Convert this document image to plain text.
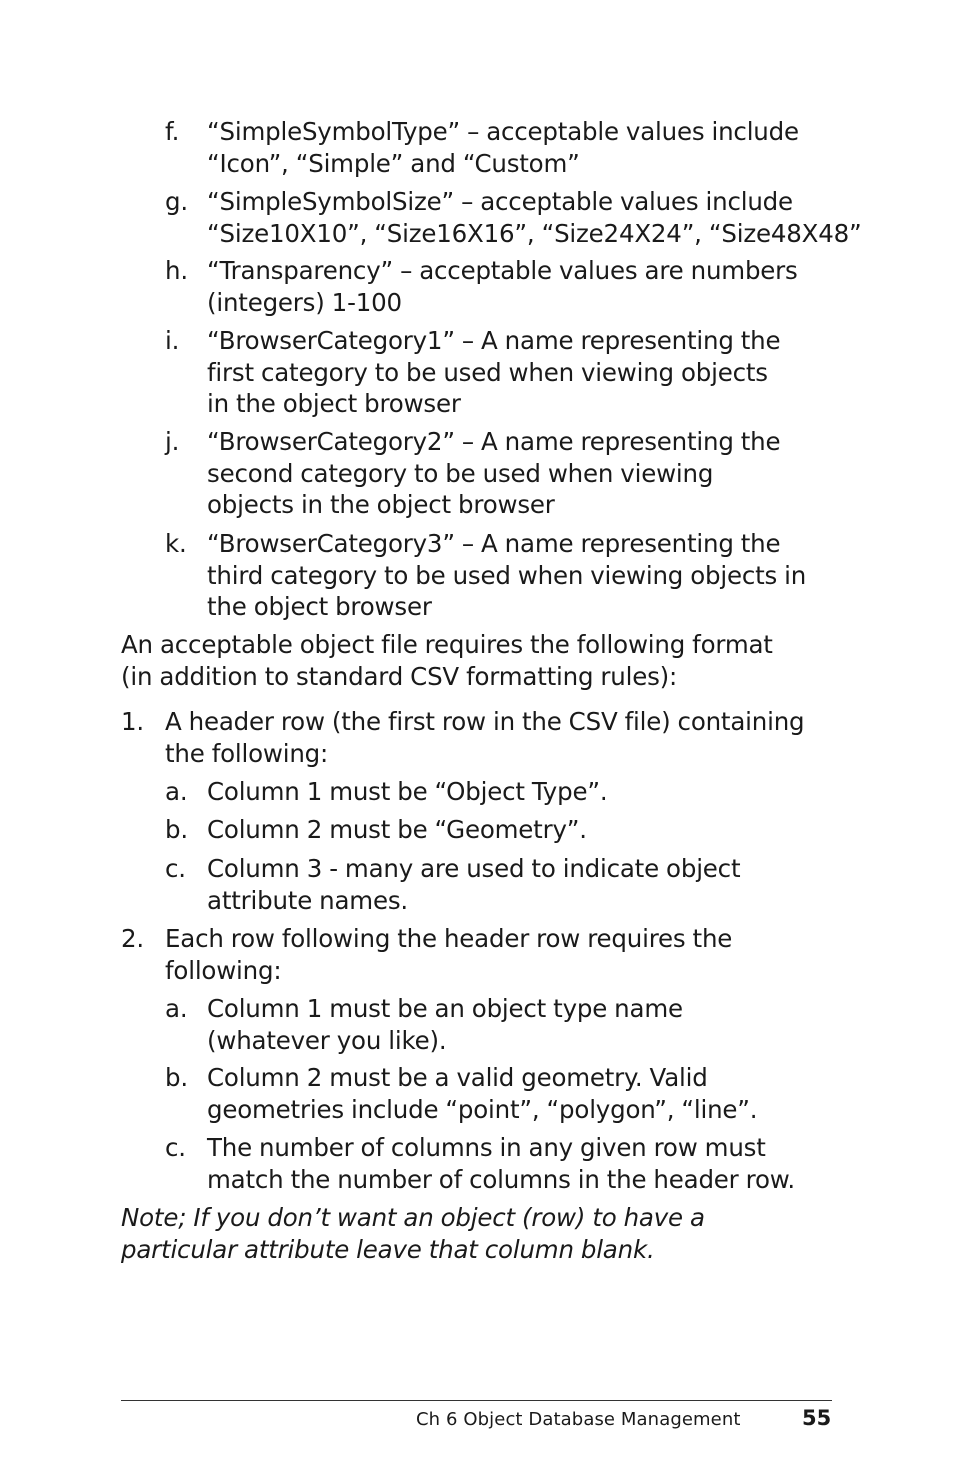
f. “SimpleSymbolType” – acceptable values include
“Icon”, “Simple” and “Custom”
g. “SimpleSymbolSize” – acceptable values include
“Size10X10”, “Size16X16”, “Size24X24”, “Size48X48”
h. “Transparency” – acceptable values are numbers
(integers) 1-100
i. “BrowserCategory1” – A name representing the
first category to be used when viewing objects
in the object browser
j. “BrowserCategory2” – A name representing the
second category to be used when viewing
objects in the object browser
k. “BrowserCategory3” – A name representing the
third category to be used when viewing objects in
the object browser
An acceptable object file requires the following format
(in addition to standard CSV formatting rules):
1. A header row (the first row in the CSV file) containing
the following:
a. Column 1 must be “Object Type”.
b. Column 2 must be “Geometry”.
c. Column 3 - many are used to indicate object
attribute names.
2. Each row following the header row requires the
following:
a. Column 1 must be an object type name
(whatever you like).
b. Column 2 must be a valid geometry. Valid
geometries include “point”, “polygon”, “line”.
c. The number of columns in any given row must
match the number of columns in the header row.
Note; If you don’t want an object (row) to have a
particular attribute leave that column blank.
Ch 6 Object Database Management	55
